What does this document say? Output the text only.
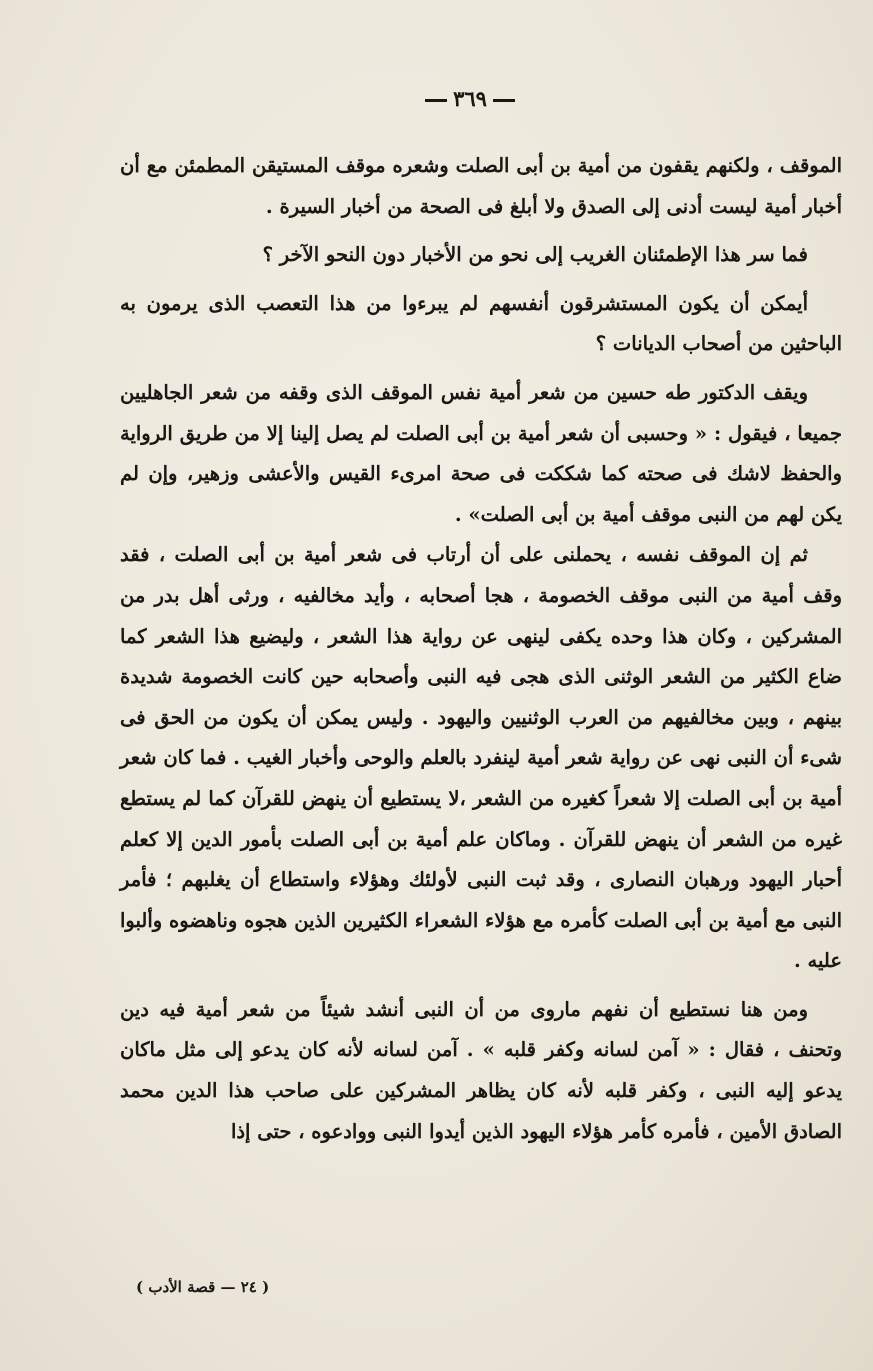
٣٦٩

الموقف ، ولكنهم يقفون من أمية بن أبى الصلت وشعره موقف المستيقن المطمئن مع أن أخبار أمية ليست أدنى إلى الصدق ولا أبلغ فى الصحة من أخبار السيرة .

فما سر هذا الإطمئنان الغريب إلى نحو من الأخبار دون النحو الآخر ؟

أيمكن أن يكون المستشرقون أنفسهم لم يبرءوا من هذا التعصب الذى يرمون به الباحثين من أصحاب الديانات ؟

ويقف الدكتور طه حسين من شعر أمية نفس الموقف الذى وقفه من شعر الجاهليين جميعا ، فيقول : « وحسبى أن شعر أمية بن أبى الصلت لم يصل إلينا إلا من طريق الرواية والحفظ لاشك فى صحته كما شككت فى صحة امرىء القيس والأعشى وزهير، وإن لم يكن لهم من النبى موقف أمية بن أبى الصلت» .

ثم إن الموقف نفسه ، يحملنى على أن أرتاب فى شعر أمية بن أبى الصلت ، فقد وقف أمية من النبى موقف الخصومة ، هجا أصحابه ، وأيد مخالفيه ، ورثى أهل بدر من المشركين ، وكان هذا وحده يكفى لينهى عن رواية هذا الشعر ، وليضيع هذا الشعر كما ضاع الكثير من الشعر الوثنى الذى هجى فيه النبى وأصحابه حين كانت الخصومة شديدة بينهم ، وبين مخالفيهم من العرب الوثنيين واليهود . وليس يمكن أن يكون من الحق فى شىء أن النبى نهى عن رواية شعر أمية لينفرد بالعلم والوحى وأخبار الغيب . فما كان شعر أمية بن أبى الصلت إلا شعراً كغيره من الشعر ،لا يستطيع أن ينهض للقرآن كما لم يستطع غيره من الشعر أن ينهض للقرآن . وماكان علم أمية بن أبى الصلت بأمور الدين إلا كعلم أحبار اليهود ورهبان النصارى ، وقد ثبت النبى لأولئك وهؤلاء واستطاع أن يغلبهم ؛ فأمر النبى مع أمية بن أبى الصلت كأمره مع هؤلاء الشعراء الكثيرين الذين هجوه وناهضوه وألبوا عليه .

ومن هنا نستطيع أن نفهم ماروى من أن النبى أنشد شيئاً من شعر أمية فيه دين وتحنف ، فقال : « آمن لسانه وكفر قلبه » . آمن لسانه لأنه كان يدعو إلى مثل ماكان يدعو إليه النبى ، وكفر قلبه لأنه كان يظاهر المشركين على صاحب هذا الدين محمد الصادق الأمين ، فأمره كأمر هؤلاء اليهود الذين أيدوا النبى ووادعوه ، حتى إذا

( ٢٤ — قصة الأدب )
